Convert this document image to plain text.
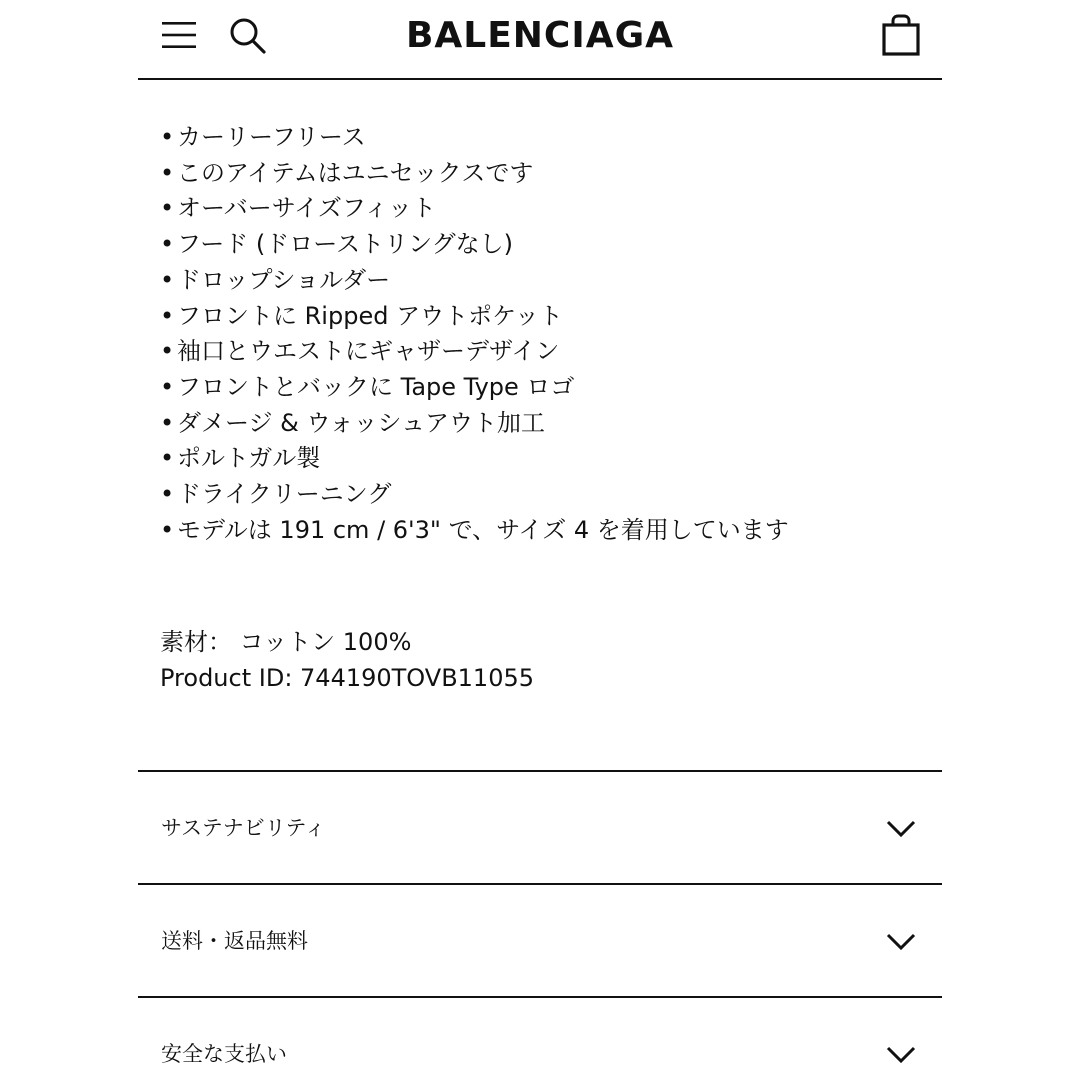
BALENCIAGA
• カーリーフリース
• このアイテムはユニセックスです
• オーバーサイズフィット
• フード (ドローストリングなし)
• ドロップショルダー
• フロントに Ripped アウトポケット
• 袖口とウエストにギャザーデザイン
• フロントとバックに Tape Type ロゴ
• ダメージ & ウォッシュアウト加工
• ポルトガル製
• ドライクリーニング
• モデルは 191 cm / 6'3" で、サイズ 4 を着用しています
素材： コットン 100%
Product ID: 744190TOVB11055
サステナビリティ
送料・返品無料
安全な支払い
